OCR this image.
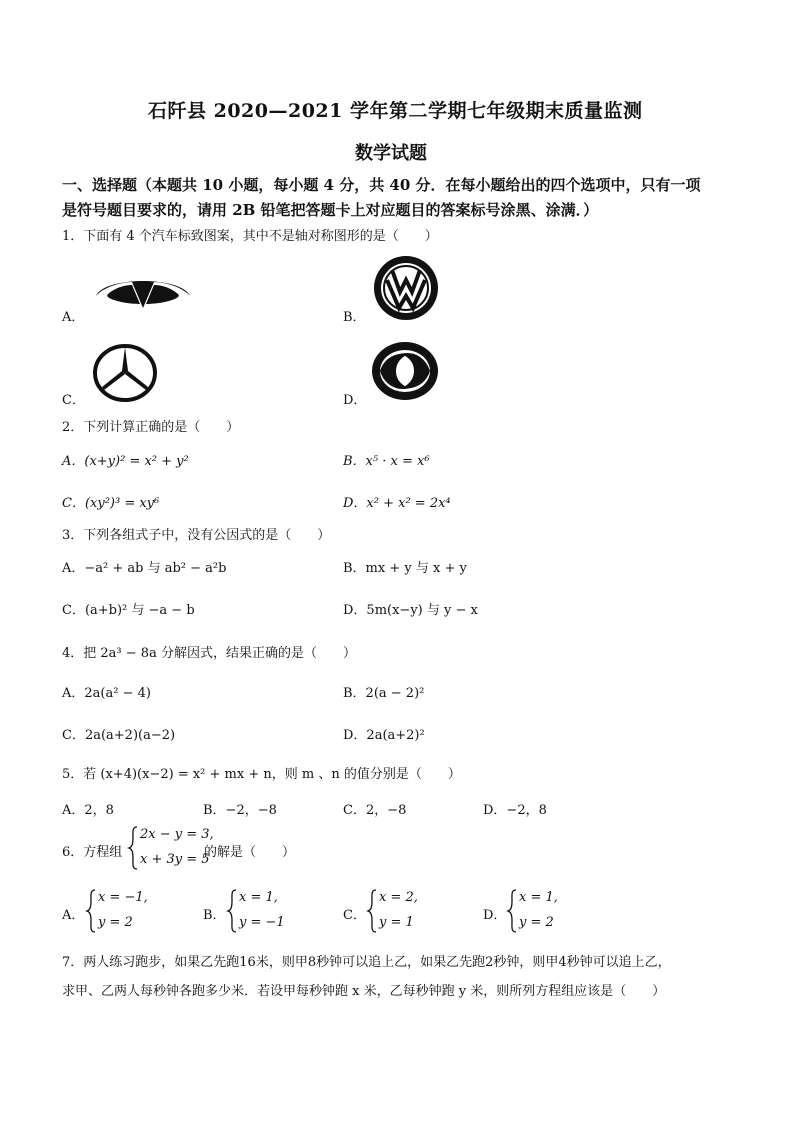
石阡县 2020—2021 学年第二学期七年级期末质量监测
数学试题
一、选择题（本题共 10 小题，每小题 4 分，共 40 分．在每小题给出的四个选项中，只有一项
是符号题目要求的，请用 2B 铅笔把答题卡上对应题目的答案标号涂黑、涂满．）
1．下面有 4 个汽车标致图案，其中不是轴对称图形的是（　　）
A．	B．
C．	D．
2．下列计算正确的是（　　）
A．(x+y)² = x² + y²	B．x⁵ · x = x⁶
C．(xy²)³ = xy⁶	D．x² + x² = 2x⁴
3．下列各组式子中，没有公因式的是（　　）
A．−a² + ab 与 ab² − a²b	B．mx + y 与 x + y
C．(a+b)² 与 −a − b	D．5m(x−y) 与 y − x
4．把 2a³ − 8a 分解因式，结果正确的是（　　）
A．2a(a² − 4)	B．2(a − 2)²
C．2a(a+2)(a−2)	D．2a(a+2)²
5．若 (x+4)(x−2) = x² + mx + n，则 m 、n 的值分别是（　　）
A．2，8	B．−2，−8	C．2，−8	D．−2，8
6．方程组
2x − y = 3,
x + 3y = 5
的解是（　　）
A．
x = −1,
y = 2	B．
x = 1,
y = −1	C．
x = 2,
y = 1	D．
x = 1,
y = 2
7．两人练习跑步，如果乙先跑16米，则甲8秒钟可以追上乙，如果乙先跑2秒钟，则甲4秒钟可以追上乙，
求甲、乙两人每秒钟各跑多少米．若设甲每秒钟跑 x 米，乙每秒钟跑 y 米，则所列方程组应该是（　　）
